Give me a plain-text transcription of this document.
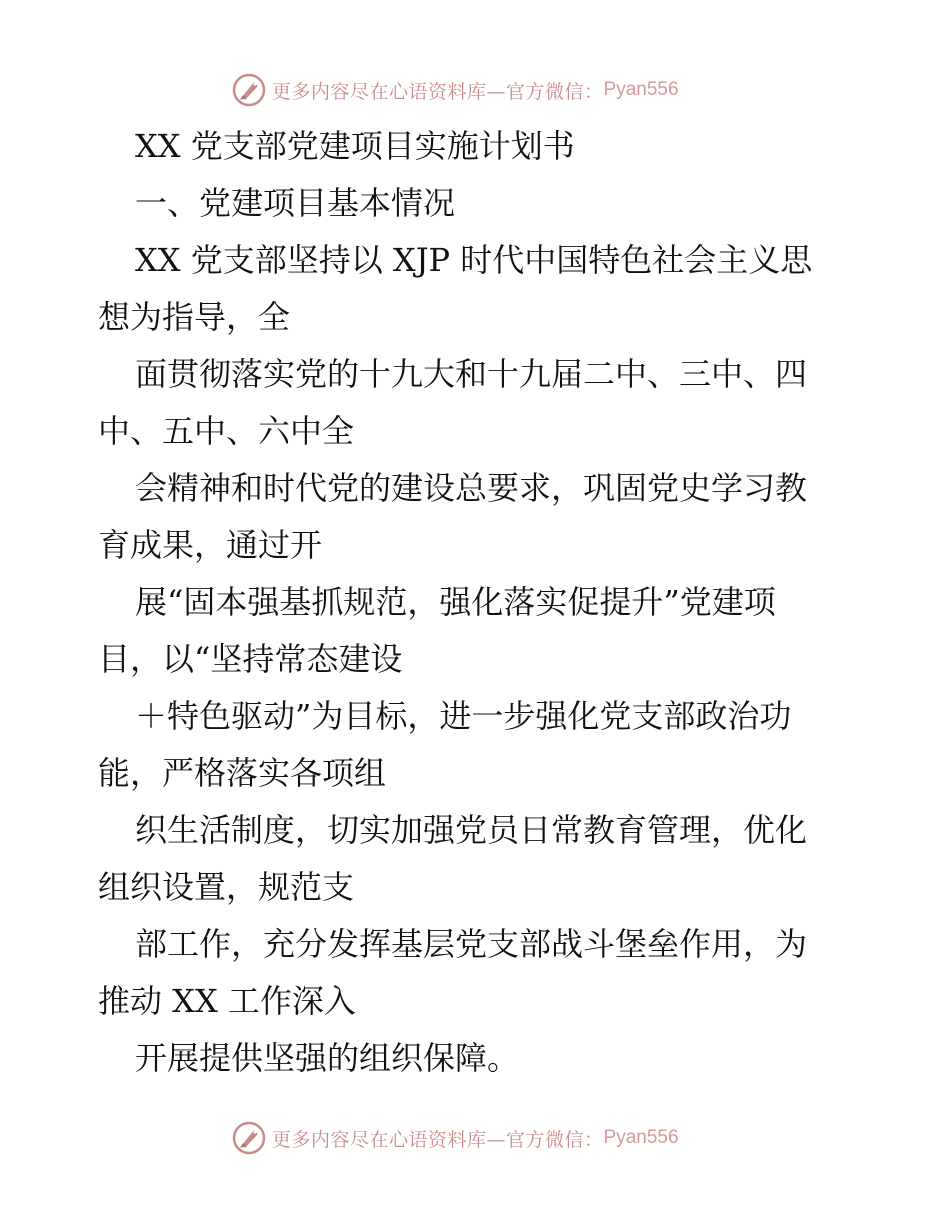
更多内容尽在心语资料库—官方微信： Pyan556
XX 党支部党建项目实施计划书
一、党建项目基本情况
XX 党支部坚持以 XJP 时代中国特色社会主义思
想为指导，全
面贯彻落实党的十九大和十九届二中、三中、四
中、五中、六中全
会精神和时代党的建设总要求，巩固党史学习教
育成果，通过开
展“固本强基抓规范，强化落实促提升”党建项
目，以“坚持常态建设
＋特色驱动”为目标，进一步强化党支部政治功
能，严格落实各项组
织生活制度，切实加强党员日常教育管理，优化
组织设置，规范支
部工作，充分发挥基层党支部战斗堡垒作用，为
推动 XX 工作深入
开展提供坚强的组织保障。
更多内容尽在心语资料库—官方微信： Pyan556
